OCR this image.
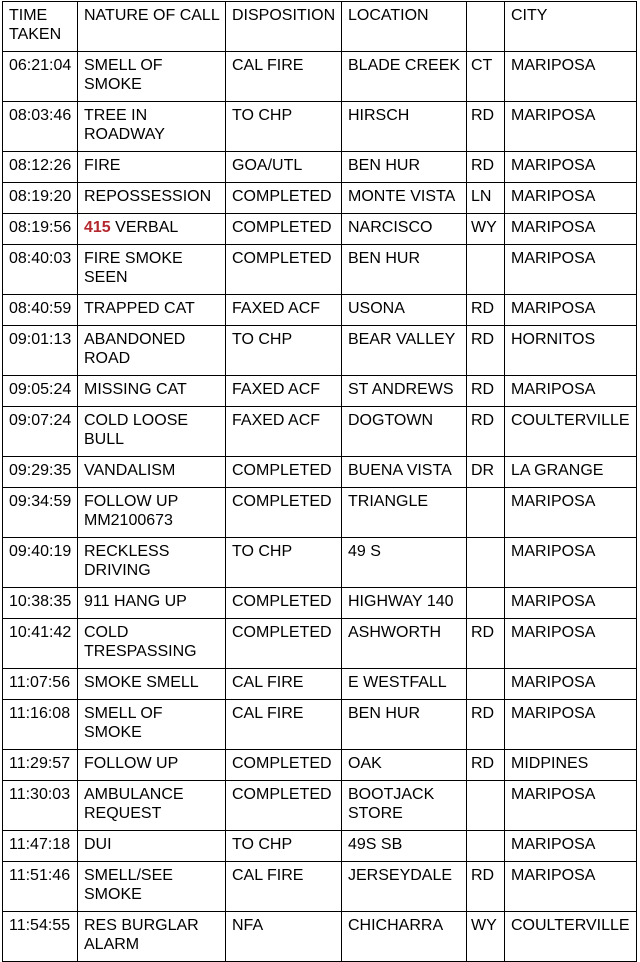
TIME TAKEN	NATURE OF CALL	DISPOSITION	LOCATION		CITY
06:21:04	SMELL OF SMOKE	CAL FIRE	BLADE CREEK	CT	MARIPOSA
08:03:46	TREE IN ROADWAY	TO CHP	HIRSCH	RD	MARIPOSA
08:12:26	FIRE	GOA/UTL	BEN HUR	RD	MARIPOSA
08:19:20	REPOSSESSION	COMPLETED	MONTE VISTA	LN	MARIPOSA
08:19:56	415 VERBAL	COMPLETED	NARCISCO	WY	MARIPOSA
08:40:03	FIRE SMOKE SEEN	COMPLETED	BEN HUR		MARIPOSA
08:40:59	TRAPPED CAT	FAXED ACF	USONA	RD	MARIPOSA
09:01:13	ABANDONED ROAD	TO CHP	BEAR VALLEY	RD	HORNITOS
09:05:24	MISSING CAT	FAXED ACF	ST ANDREWS	RD	MARIPOSA
09:07:24	COLD LOOSE BULL	FAXED ACF	DOGTOWN	RD	COULTERVILLE
09:29:35	VANDALISM	COMPLETED	BUENA VISTA	DR	LA GRANGE
09:34:59	FOLLOW UP MM2100673	COMPLETED	TRIANGLE		MARIPOSA
09:40:19	RECKLESS DRIVING	TO CHP	49 S		MARIPOSA
10:38:35	911 HANG UP	COMPLETED	HIGHWAY 140		MARIPOSA
10:41:42	COLD TRESPASSING	COMPLETED	ASHWORTH	RD	MARIPOSA
11:07:56	SMOKE SMELL	CAL FIRE	E WESTFALL		MARIPOSA
11:16:08	SMELL OF SMOKE	CAL FIRE	BEN HUR	RD	MARIPOSA
11:29:57	FOLLOW UP	COMPLETED	OAK	RD	MIDPINES
11:30:03	AMBULANCE REQUEST	COMPLETED	BOOTJACK STORE		MARIPOSA
11:47:18	DUI	TO CHP	49S SB		MARIPOSA
11:51:46	SMELL/SEE SMOKE	CAL FIRE	JERSEYDALE	RD	MARIPOSA
11:54:55	RES BURGLAR ALARM	NFA	CHICHARRA	WY	COULTERVILLE
